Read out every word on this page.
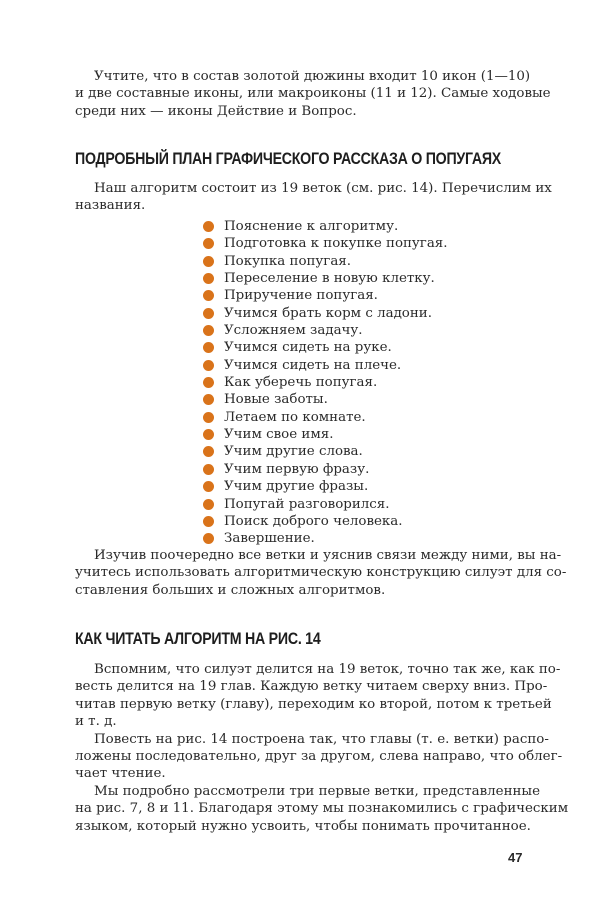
Учтите, что в состав золотой дюжины входит 10 икон (1—10)
и две составные иконы, или макроиконы (11 и 12). Самые ходовые
среди них — иконы Действие и Вопрос.
ПОДРОБНЫЙ ПЛАН ГРАФИЧЕСКОГО РАССКАЗА О ПОПУГАЯХ
Наш алгоритм состоит из 19 веток (см. рис. 14). Перечислим их
названия.
Пояснение к алгоритму.
Подготовка к покупке попугая.
Покупка попугая.
Переселение в новую клетку.
Приручение попугая.
Учимся брать корм с ладони.
Усложняем задачу.
Учимся сидеть на руке.
Учимся сидеть на плече.
Как уберечь попугая.
Новые заботы.
Летаем по комнате.
Учим свое имя.
Учим другие слова.
Учим первую фразу.
Учим другие фразы.
Попугай разговорился.
Поиск доброго человека.
Завершение.
Изучив поочередно все ветки и уяснив связи между ними, вы на-
учитесь использовать алгоритмическую конструкцию силуэт для со-
ставления больших и сложных алгоритмов.
КАК ЧИТАТЬ АЛГОРИТМ НА РИС. 14
Вспомним, что силуэт делится на 19 веток, точно так же, как по-
весть делится на 19 глав. Каждую ветку читаем сверху вниз. Про-
читав первую ветку (главу), переходим ко второй, потом к третьей
и т. д.
Повесть на рис. 14 построена так, что главы (т. е. ветки) распо-
ложены последовательно, друг за другом, слева направо, что облег-
чает чтение.
Мы подробно рассмотрели три первые ветки, представленные
на рис. 7, 8 и 11. Благодаря этому мы познакомились с графическим
языком, который нужно усвоить, чтобы понимать прочитанное.
47
